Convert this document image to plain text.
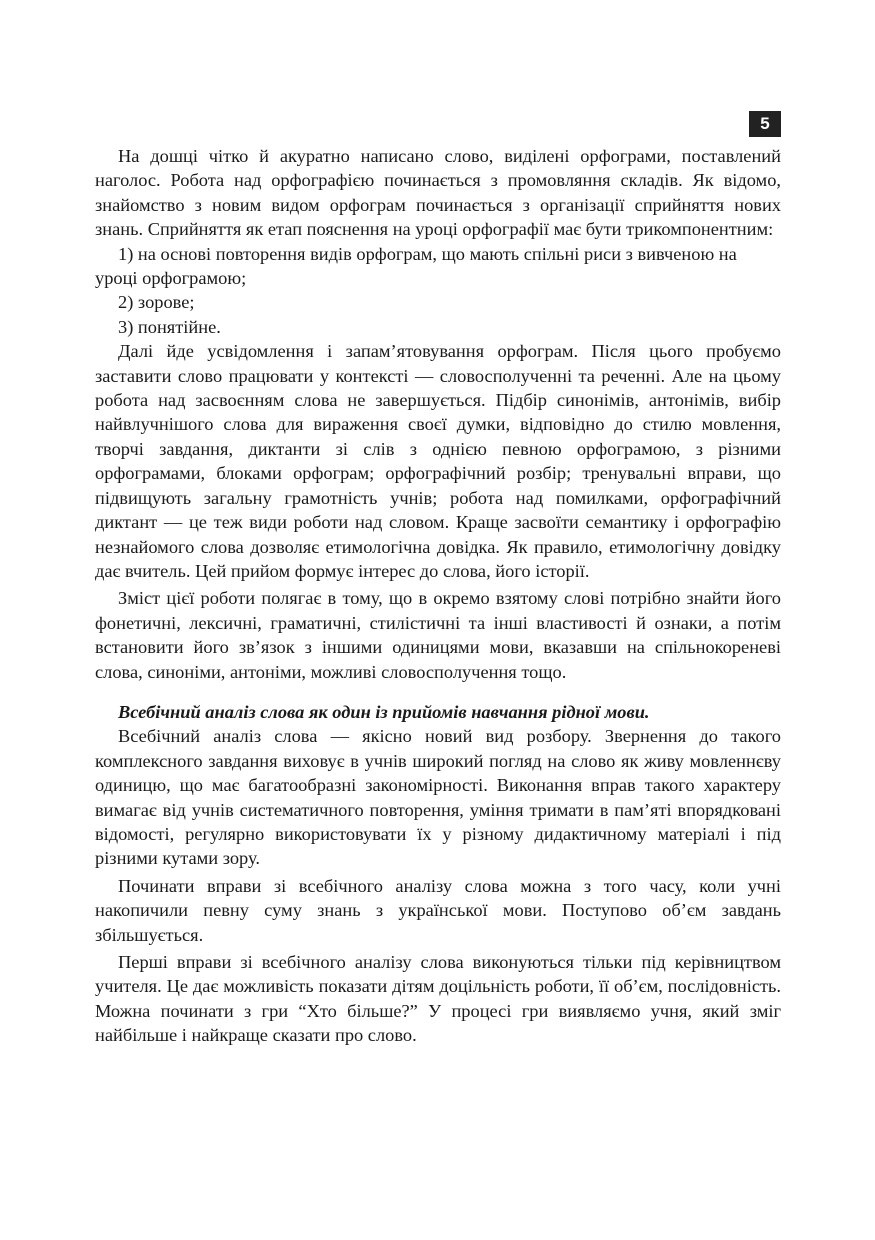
5

На дошці чітко й акуратно написано слово, виділені орфограми, поставлений наголос. Робота над орфографією починається з промовляння складів. Як відомо, знайомство з новим видом орфограм починається з організації сприйняття нових знань. Сприйняття як етап пояснення на уроці орфографії має бути трикомпонентним:

1) на основі повторення видів орфограм, що мають спільні риси з вивченою на уроці орфограмою;

2) зорове;

3) понятійне.

Далі йде усвідомлення і запам’ятовування орфограм. Після цього пробуємо заставити слово працювати у контексті — словосполученні та реченні. Але на цьому робота над засвоєнням слова не завершується. Підбір синонімів, антонімів, вибір найвлучнішого слова для вираження своєї думки, відповідно до стилю мовлення, творчі завдання, диктанти зі слів з однією певною орфограмою, з різними орфограмами, блоками орфограм; орфографічний розбір; тренувальні вправи, що підвищують загальну грамотність учнів; робота над помилками, орфографічний диктант — це теж види роботи над словом. Краще засвоїти семантику і орфографію незнайомого слова дозволяє етимологічна довідка. Як правило, етимологічну довідку дає вчитель. Цей прийом формує інтерес до слова, його історії.

Зміст цієї роботи полягає в тому, що в окремо взятому слові потрібно знайти його фонетичні, лексичні, граматичні, стилістичні та інші властивості й ознаки, а потім встановити його зв’язок з іншими одиницями мови, вказавши на спільнокореневі слова, синоніми, антоніми, можливі словосполучення тощо.

Всебічний аналіз слова як один із прийомів навчання рідної мови.

Всебічний аналіз слова — якісно новий вид розбору. Звернення до такого комплексного завдання виховує в учнів широкий погляд на слово як живу мовленнєву одиницю, що має багатообразні закономірності. Виконання вправ такого характеру вимагає від учнів систематичного повторення, уміння тримати в пам’яті впорядковані відомості, регулярно використовувати їх у різному дидактичному матеріалі і під різними кутами зору.

Починати вправи зі всебічного аналізу слова можна з того часу, коли учні накопичили певну суму знань з української мови. Поступово об’єм завдань збільшується.

Перші вправи зі всебічного аналізу слова виконуються тільки під керівництвом учителя. Це дає можливість показати дітям доцільність роботи, її об’єм, послідовність. Можна починати з гри “Хто більше?” У процесі гри виявляємо учня, який зміг найбільше і найкраще сказати про слово.
